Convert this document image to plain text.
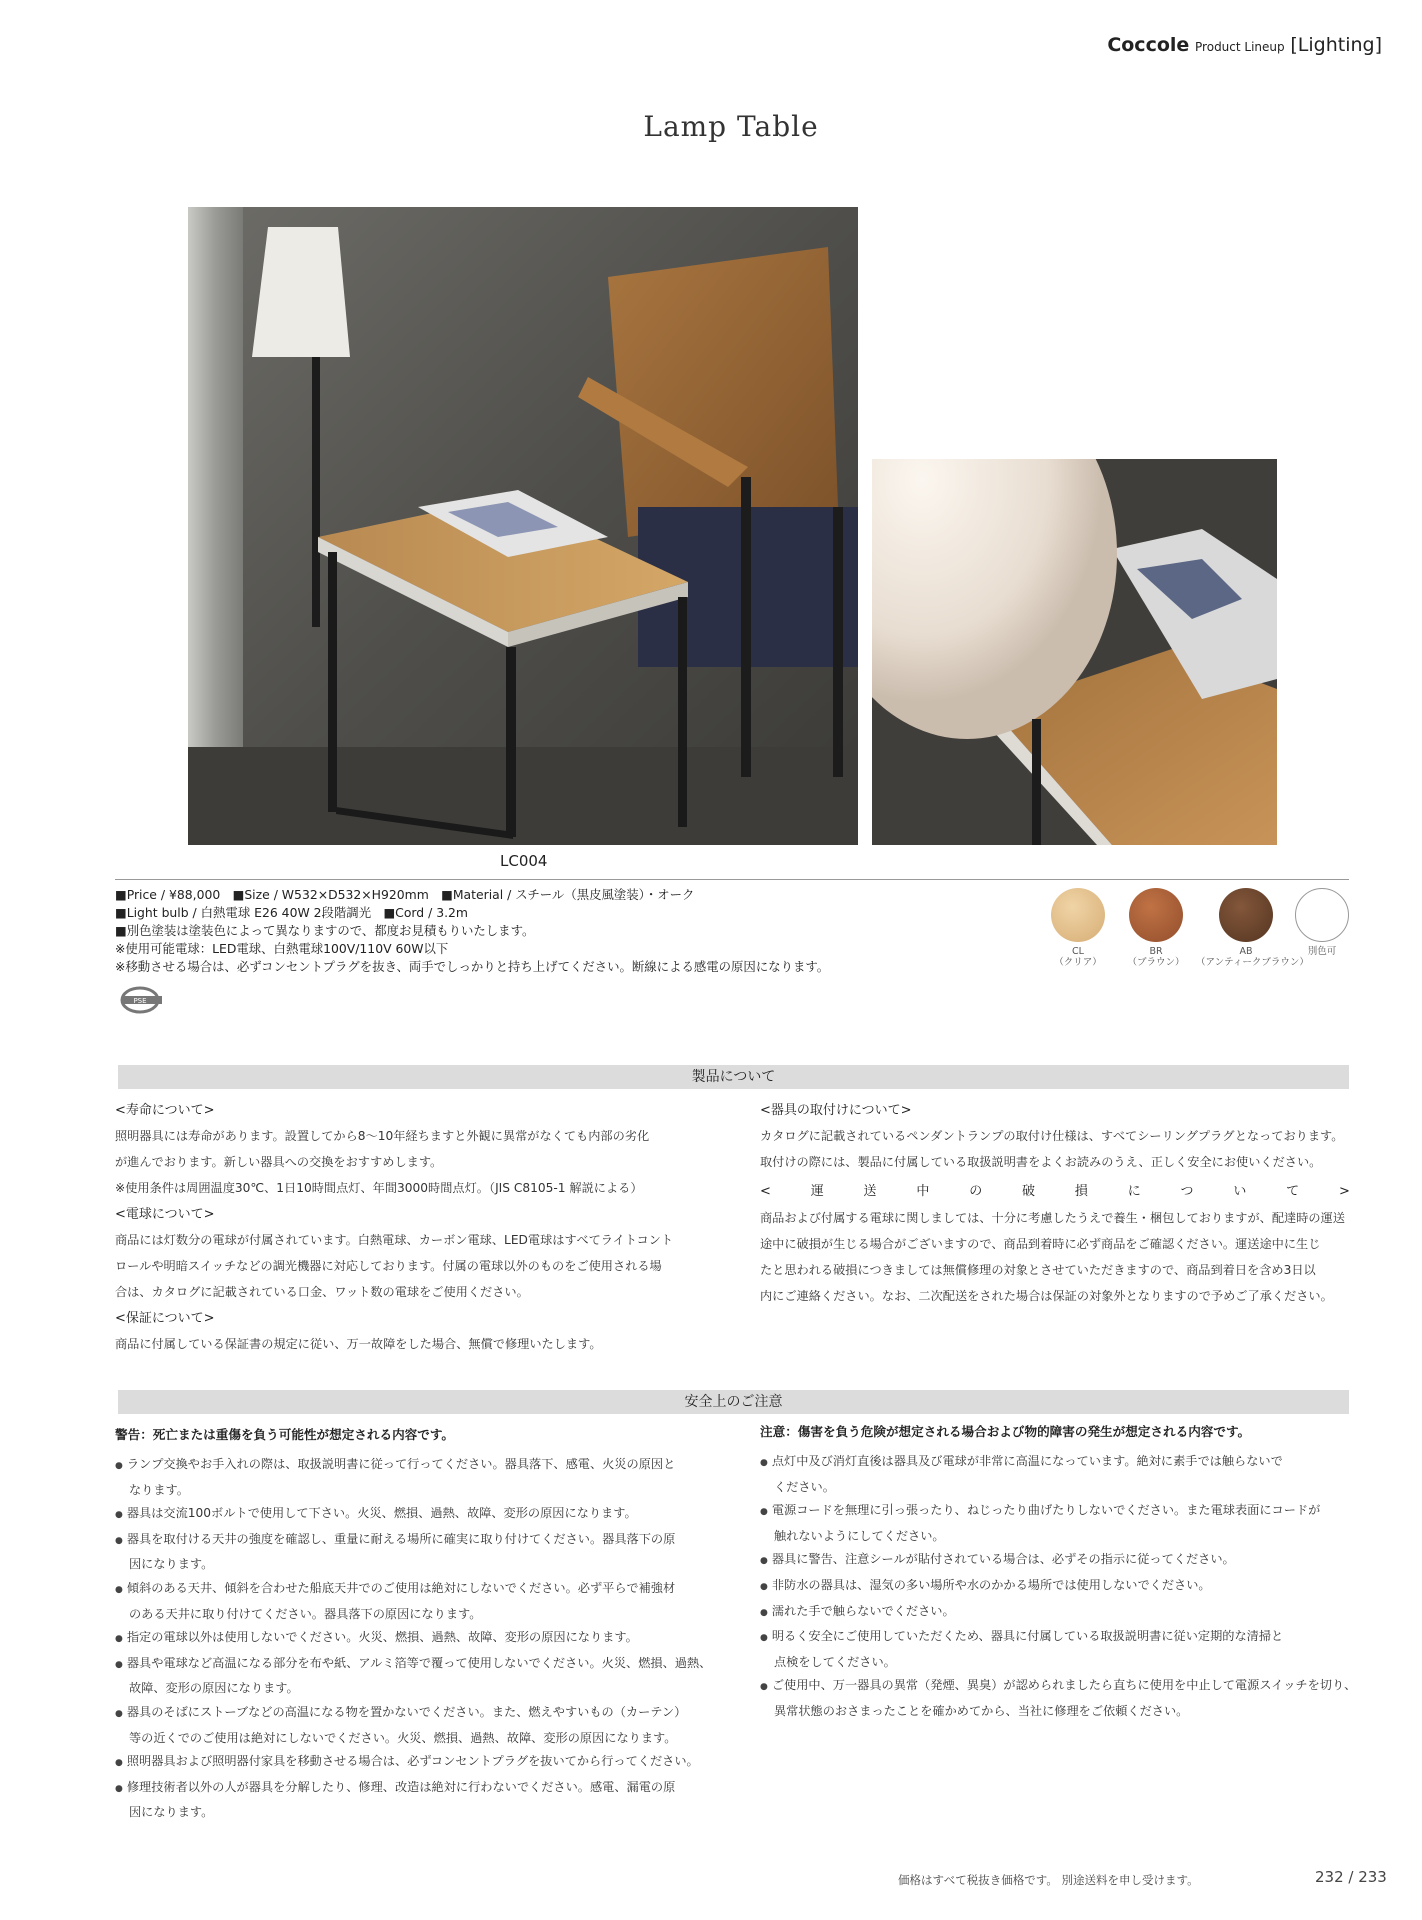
Coccole Product Lineup [Lighting]
Lamp Table
LC004
■Price / ¥88,000　■Size / W532×D532×H920mm　■Material / スチール（黒皮風塗装）・オーク
■Light bulb / 白熱電球 E26 40W 2段階調光　■Cord / 3.2m
■別色塗装は塗装色によって異なりますので、都度お見積もりいたします。
※使用可能電球：LED電球、白熱電球100V/110V 60W以下
※移動させる場合は、必ずコンセントプラグを抜き、両手でしっかりと持ち上げてください。断線による感電の原因になります。
PSE
CL
（クリア）
BR
（ブラウン）
AB
（アンティークブラウン）
別色可
製品について
<寿命について>

照明器具には寿命があります。設置してから8～10年経ちますと外観に異常がなくても内部の劣化

が進んでおります。新しい器具への交換をおすすめします。

※使用条件は周囲温度30℃、1日10時間点灯、年間3000時間点灯。（JIS C8105-1 解説による）

<電球について>

商品には灯数分の電球が付属されています。白熱電球、カーボン電球、LED電球はすべてライトコント

ロールや明暗スイッチなどの調光機器に対応しております。付属の電球以外のものをご使用される場

合は、カタログに記載されている口金、ワット数の電球をご使用ください。

<保証について>

商品に付属している保証書の規定に従い、万一故障をした場合、無償で修理いたします。

<器具の取付けについて>

カタログに記載されているペンダントランプの取付け仕様は、すべてシーリングプラグとなっております。

取付けの際には、製品に付属している取扱説明書をよくお読みのうえ、正しく安全にお使いください。

<	運	送	中	の	破	損	に	つ	い	て	>

商品および付属する電球に関しましては、十分に考慮したうえで養生・梱包しておりますが、配達時の運送

途中に破損が生じる場合がございますので、商品到着時に必ず商品をご確認ください。運送途中に生じ

たと思われる破損につきましては無償修理の対象とさせていただきますので、商品到着日を含め3日以

内にご連絡ください。なお、二次配送をされた場合は保証の対象外となりますので予めご了承ください。

安全上のご注意
警告：死亡または重傷を負う可能性が想定される内容です。

● ランプ交換やお手入れの際は、取扱説明書に従って行ってください。器具落下、感電、火災の原因と
なります。

● 器具は交流100ボルトで使用して下さい。火災、燃損、過熱、故障、変形の原因になります。

● 器具を取付ける天井の強度を確認し、重量に耐える場所に確実に取り付けてください。器具落下の原
因になります。

● 傾斜のある天井、傾斜を合わせた船底天井でのご使用は絶対にしないでください。必ず平らで補強材
のある天井に取り付けてください。器具落下の原因になります。

● 指定の電球以外は使用しないでください。火災、燃損、過熱、故障、変形の原因になります。

● 器具や電球など高温になる部分を布や紙、アルミ箔等で覆って使用しないでください。火災、燃損、過熱、
故障、変形の原因になります。

● 器具のそばにストーブなどの高温になる物を置かないでください。また、燃えやすいもの（カーテン）
等の近くでのご使用は絶対にしないでください。火災、燃損、過熱、故障、変形の原因になります。

● 照明器具および照明器付家具を移動させる場合は、必ずコンセントプラグを抜いてから行ってください。

● 修理技術者以外の人が器具を分解したり、修理、改造は絶対に行わないでください。感電、漏電の原
因になります。

注意：傷害を負う危険が想定される場合および物的障害の発生が想定される内容です。

● 点灯中及び消灯直後は器具及び電球が非常に高温になっています。絶対に素手では触らないで
ください。

● 電源コードを無理に引っ張ったり、ねじったり曲げたりしないでください。また電球表面にコードが
触れないようにしてください。

● 器具に警告、注意シールが貼付されている場合は、必ずその指示に従ってください。

● 非防水の器具は、湿気の多い場所や水のかかる場所では使用しないでください。

● 濡れた手で触らないでください。

● 明るく安全にご使用していただくため、器具に付属している取扱説明書に従い定期的な清掃と
点検をしてください。

● ご使用中、万一器具の異常（発煙、異臭）が認められましたら直ちに使用を中止して電源スイッチを切り、
異常状態のおさまったことを確かめてから、当社に修理をご依頼ください。

価格はすべて税抜き価格です。 別途送料を申し受けます。	232 / 233
